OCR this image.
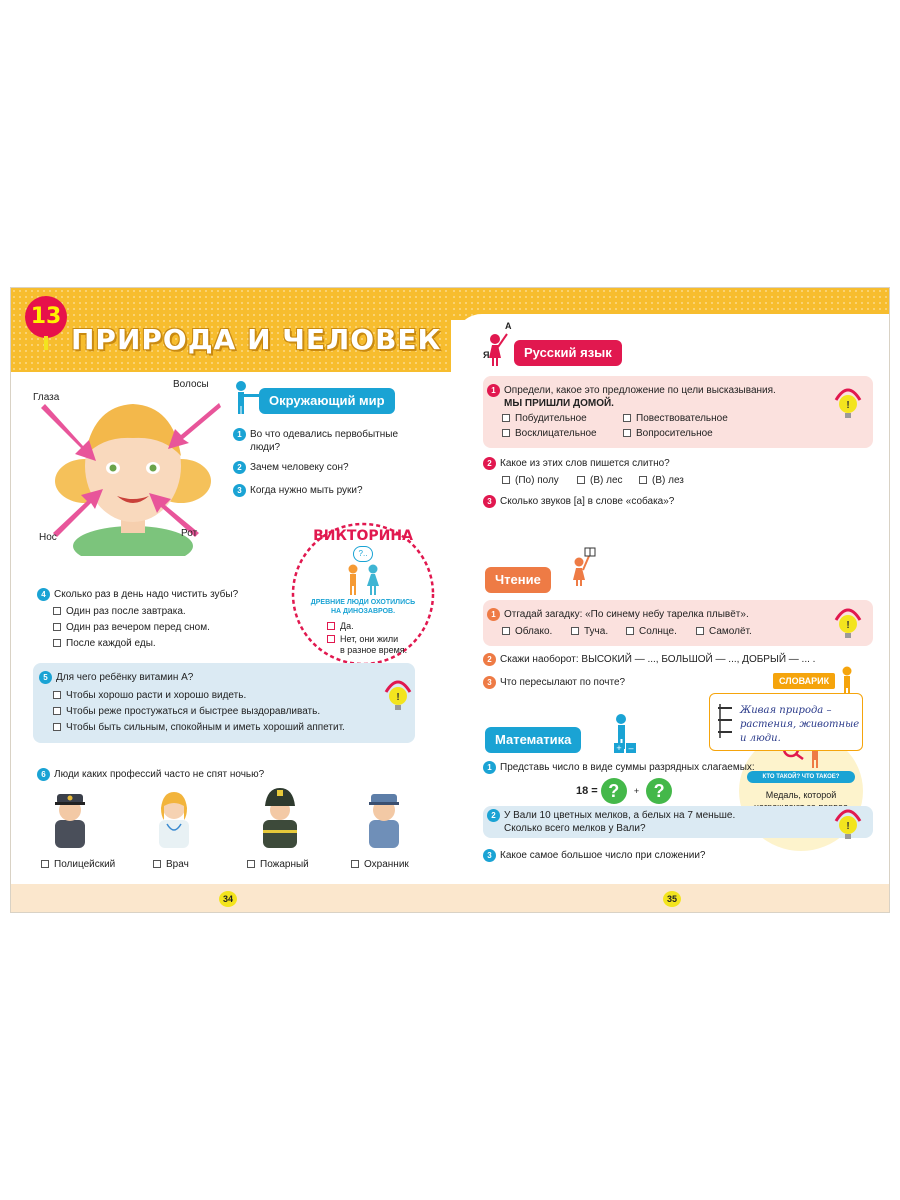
13
ПРИРОДА И ЧЕЛОВЕК
Глаза
Волосы
Нос	Рот
Окружающий мир
1 Во что одевались первобытные
люди?
2 Зачем человеку сон?
3 Когда нужно мыть руки?
ВИКТОРИНА
?..
ДРЕВНИЕ ЛЮДИ ОХОТИЛИСЬ
НА ДИНОЗАВРОВ.
Да.
Нет, они жили
в разное время.
4 Сколько раз в день надо чистить зубы?
Один раз после завтрака.
Один раз вечером перед сном.
После каждой еды.
5 Для чего ребёнку витамин А?
Чтобы хорошо расти и хорошо видеть.
Чтобы реже простужаться и быстрее выздоравливать.
Чтобы быть сильным, спокойным и иметь хороший аппетит.
!
6 Люди каких профессий часто не спят ночью?
Полицейский	Врач	Пожарный	Охранник
34
А
Я	Русский язык
1 Определи, какое это предложение по цели высказывания.
МЫ ПРИШЛИ ДОМОЙ.
Побудительное	Повествовательное
Восклицательное	Вопросительное
!
2 Какое из этих слов пишется слитно?
(По) полу	(В) лес	(В) лез
3 Сколько звуков [а] в слове «собака»?
КТО ТАКОЙ? ЧТО ТАКОЕ?
Медаль, которой
Чтение
1 Отгадай загадку: «По синему небу тарелка плывёт».
Облако.	Туча.	Солнце.	Самолёт.
!
2 Скажи наоборот: ВЫСОКИЙ — ..., БОЛЬШОЙ — ..., ДОБРЫЙ — ... .
3 Что пересылают по почте?	СЛОВАРИК
Живая природа – растения, животные и люди.
+ –
Математика
1 Представь число в виде суммы разрядных слагаемых:
18 = ? + ?
2 У Вали 10 цветных мелков, а белых на 7 меньше.
Сколько всего мелков у Вали?	!
3 Какое самое большое число при сложении?
35
